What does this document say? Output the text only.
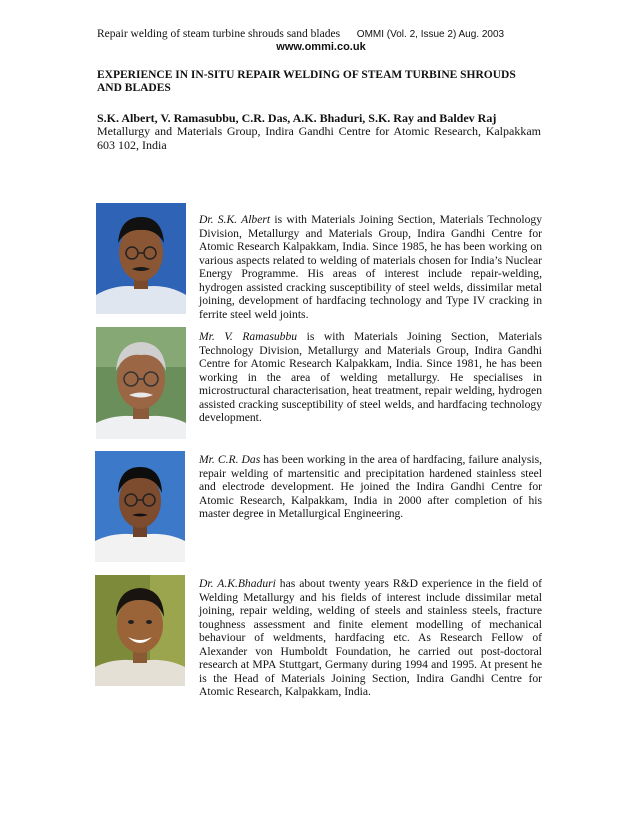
Repair welding of steam turbine shrouds sand blades OMMI (Vol. 2, Issue 2) Aug. 2003
www.ommi.co.uk
EXPERIENCE IN IN-SITU REPAIR WELDING OF STEAM TURBINE SHROUDS AND BLADES
S.K. Albert, V. Ramasubbu, C.R. Das, A.K. Bhaduri, S.K. Ray and Baldev Raj
Metallurgy and Materials Group, Indira Gandhi Centre for Atomic Research, Kalpakkam 603 102, India
Dr. S.K. Albert is with Materials Joining Section, Materials Technology Division, Metallurgy and Materials Group, Indira Gandhi Centre for Atomic Research Kalpakkam, India. Since 1985, he has been working on various aspects related to welding of materials chosen for India’s Nuclear Energy Programme. His areas of interest include repair-welding, hydrogen assisted cracking susceptibility of steel welds, dissimilar metal joining, development of hardfacing technology and Type IV cracking in ferrite steel weld joints.
Mr. V. Ramasubbu is with Materials Joining Section, Materials Technology Division, Metallurgy and Materials Group, Indira Gandhi Centre for Atomic Research Kalpakkam, India. Since 1981, he has been working in the area of welding metallurgy. He specialises in microstructural characterisation, heat treatment, repair welding, hydrogen assisted cracking susceptibility of steel welds, and hardfacing technology development.
Mr. C.R. Das has been working in the area of hardfacing, failure analysis, repair welding of martensitic and precipitation hardened stainless steel and electrode development. He joined the Indira Gandhi Centre for Atomic Research, Kalpakkam, India in 2000 after completion of his master degree in Metallurgical Engineering.
Dr. A.K.Bhaduri has about twenty years R&D experience in the field of Welding Metallurgy and his fields of interest include dissimilar metal joining, repair welding, welding of steels and stainless steels, fracture toughness assessment and finite element modelling of mechanical behaviour of weldments, hardfacing etc. As Research Fellow of Alexander von Humboldt Foundation, he carried out post-doctoral research at MPA Stuttgart, Germany during 1994 and 1995. At present he is the Head of Materials Joining Section, Indira Gandhi Centre for Atomic Research, Kalpakkam, India.
